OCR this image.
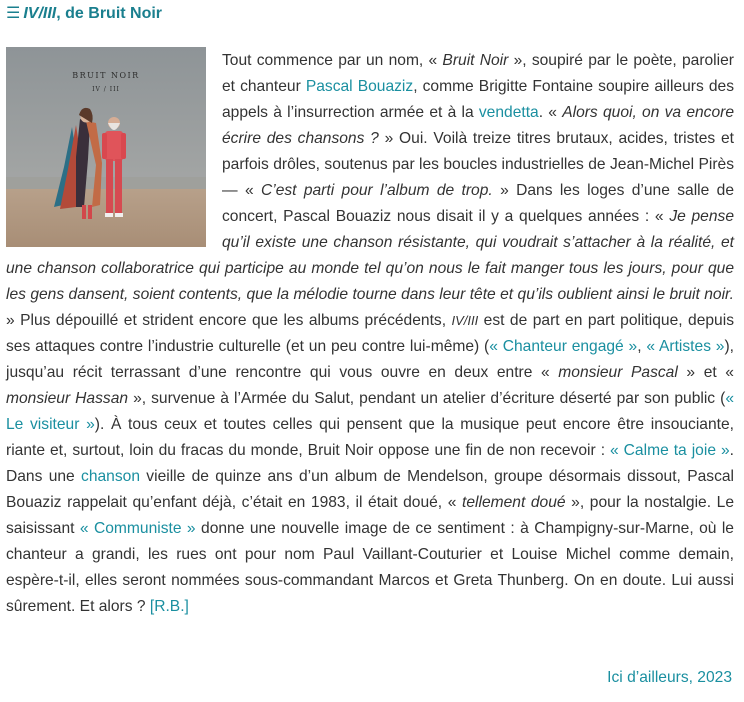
☰ IV/III, de Bruit Noir
BRUIT NOIR
IV / III

Tout commence par un nom, « Bruit Noir », soupiré par le poète, parolier et chanteur Pascal Bouaziz, comme Brigitte Fontaine soupire ailleurs des appels à l’insurrection armée et à la vendetta. « Alors quoi, on va encore écrire des chansons ? » Oui. Voilà treize titres brutaux, acides, tristes et parfois drôles, soutenus par les boucles industrielles de Jean-Michel Pirès — « C’est parti pour l’album de trop. » Dans les loges d’une salle de concert, Pascal Bouaziz nous disait il y a quelques années : « Je pense qu’il existe une chanson résistante, qui voudrait s’attacher à la réalité, et une chanson collaboratrice qui participe au monde tel qu’on nous le fait manger tous les jours, pour que les gens dansent, soient contents, que la mélodie tourne dans leur tête et qu’ils oublient ainsi le bruit noir. » Plus dépouillé et strident encore que les albums précédents, IV/III est de part en part politique, depuis ses attaques contre l’industrie culturelle (et un peu contre lui-même) (« Chanteur engagé », « Artistes »), jusqu’au récit terrassant d’une rencontre qui vous ouvre en deux entre « monsieur Pascal » et « monsieur Hassan », survenue à l’Armée du Salut, pendant un atelier d’écriture déserté par son public (« Le visiteur »). À tous ceux et toutes celles qui pensent que la musique peut encore être insouciante, riante et, surtout, loin du fracas du monde, Bruit Noir oppose une fin de non recevoir : « Calme ta joie ». Dans une chanson vieille de quinze ans d’un album de Mendelson, groupe désormais dissout, Pascal Bouaziz rappelait qu’enfant déjà, c’était en 1983, il était doué, « tellement doué », pour la nostalgie. Le saisissant « Communiste » donne une nouvelle image de ce sentiment : à Champigny-sur-Marne, où le chanteur a grandi, les rues ont pour nom Paul Vaillant-Couturier et Louise Michel comme demain, espère-t-il, elles seront nommées sous-commandant Marcos et Greta Thunberg. On en doute. Lui aussi sûrement. Et alors ? [R.B.]

Ici d’ailleurs, 2023
